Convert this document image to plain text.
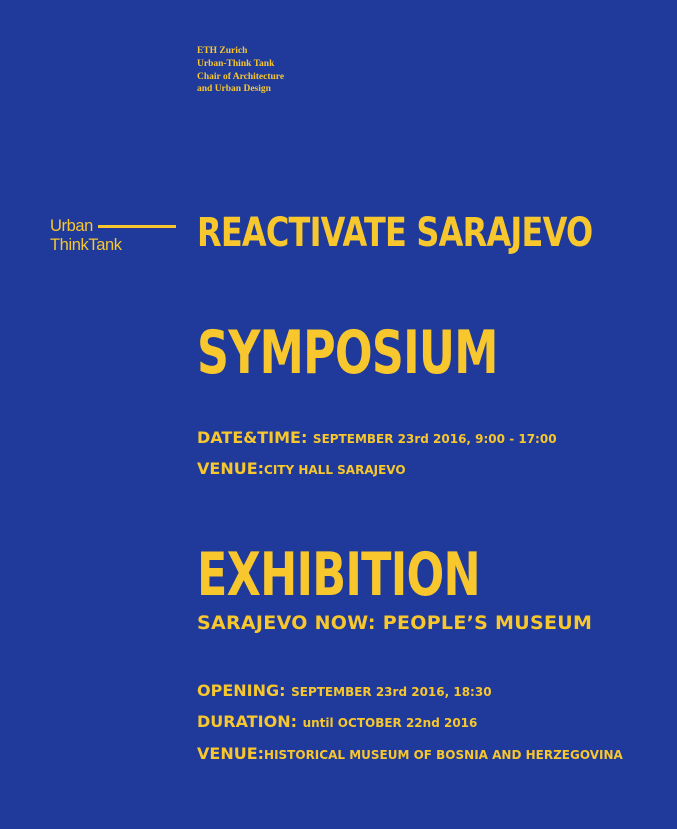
ETH Zurich
Urban-Think Tank
Chair of Architecture
and Urban Design
Urban
ThinkTank	REACTIVATE SARAJEVO
SYMPOSIUM
DATE&TIME: SEPTEMBER 23rd 2016, 9:00 - 17:00
VENUE:CITY HALL SARAJEVO
EXHIBITION
SARAJEVO NOW: PEOPLE’S MUSEUM
OPENING: SEPTEMBER 23rd 2016, 18:30
DURATION: until OCTOBER 22nd 2016
VENUE:HISTORICAL MUSEUM OF BOSNIA AND HERZEGOVINA
